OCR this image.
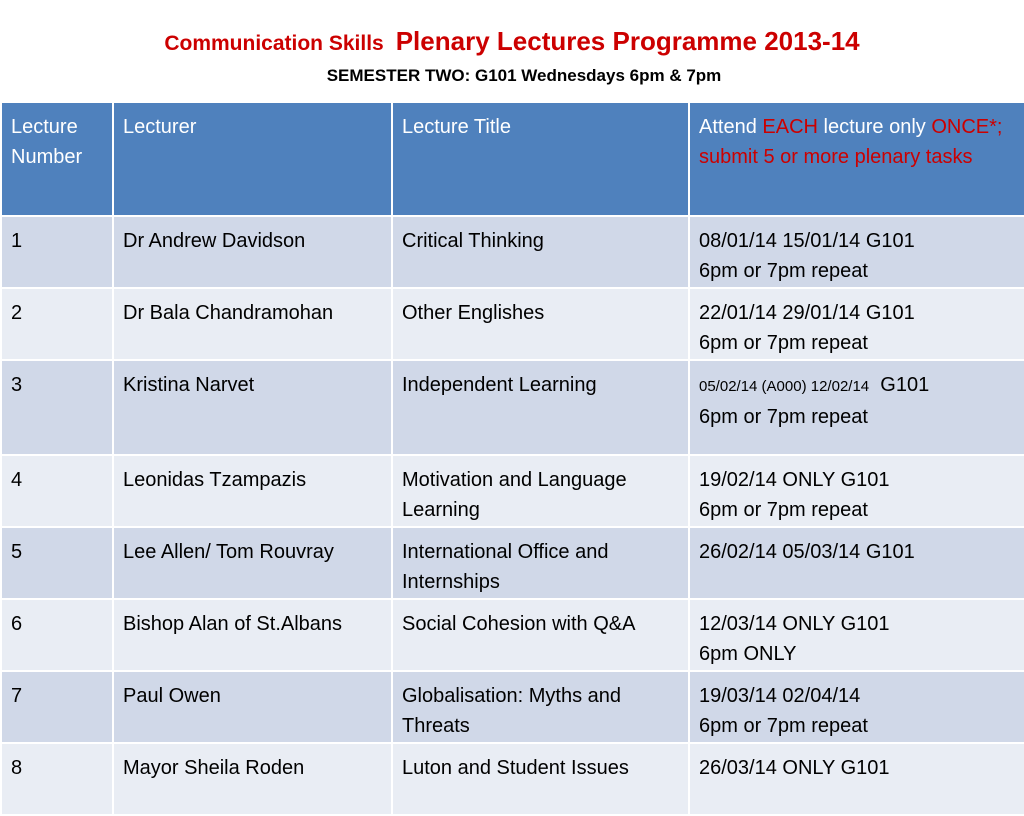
Communication Skills Plenary Lectures Programme 2013-14
SEMESTER TWO: G101 Wednesdays 6pm & 7pm
Lecture Number	Lecturer	Lecture Title	Attend EACH lecture only ONCE*; submit 5 or more plenary tasks
1	Dr Andrew Davidson	Critical Thinking	08/01/14 15/01/14 G101
6pm or 7pm repeat

2	Dr Bala Chandramohan	Other Englishes	22/01/14 29/01/14 G101
6pm or 7pm repeat

3	Kristina Narvet	Independent Learning	05/02/14 (A000) 12/02/14 G101
6pm or 7pm repeat

4	Leonidas Tzampazis	Motivation and Language Learning	19/02/14 ONLY G101
6pm or 7pm repeat

5	Lee Allen/ Tom Rouvray	International Office and Internships	26/02/14 05/03/14 G101

6	Bishop Alan of St.Albans	Social Cohesion with Q&A	12/03/14 ONLY G101
6pm ONLY

7	Paul Owen	Globalisation: Myths and Threats	19/03/14 02/04/14
6pm or 7pm repeat

8	Mayor Sheila Roden	Luton and Student Issues	26/03/14 ONLY G101
